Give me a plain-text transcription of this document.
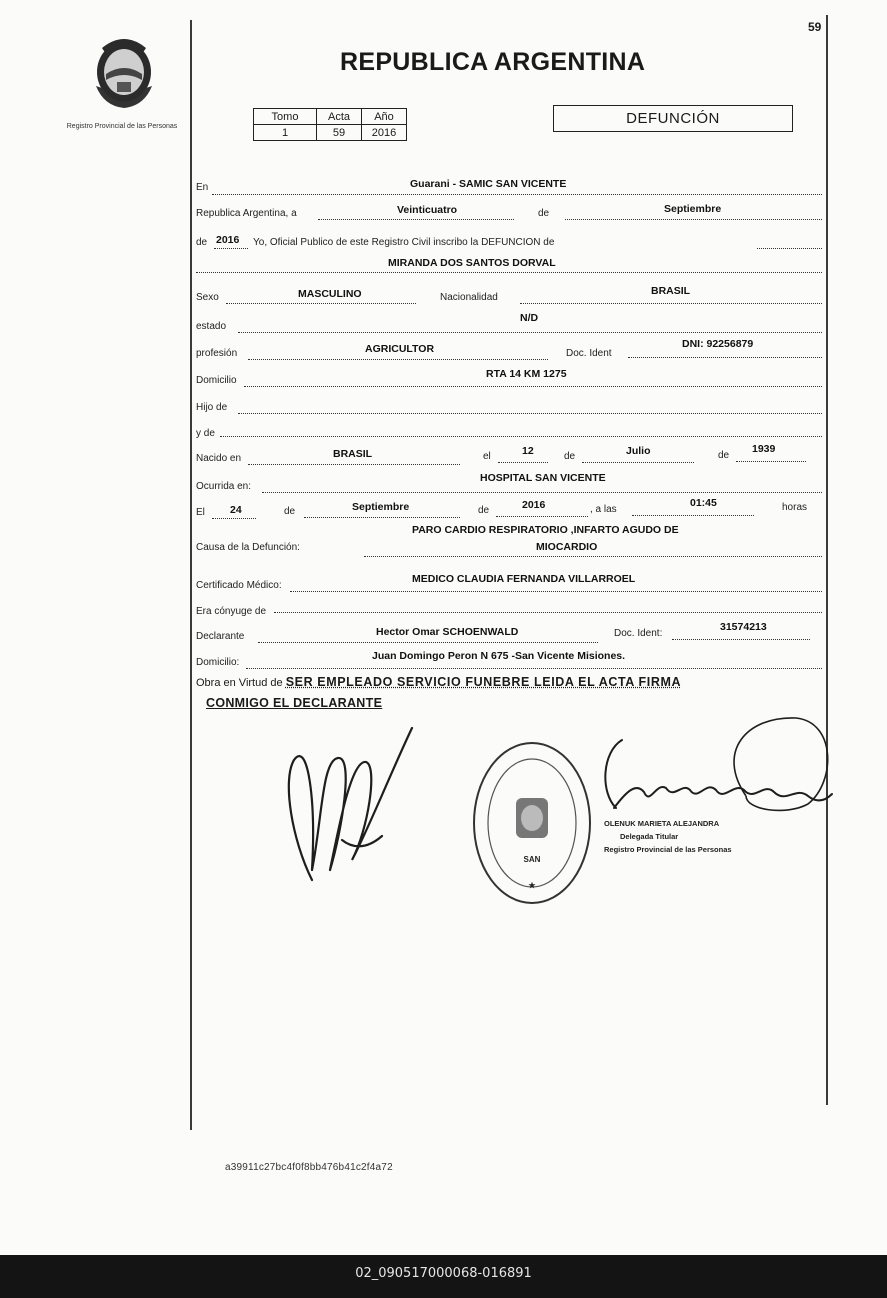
59
Registro Provincial de las Personas
REPUBLICA ARGENTINA
Tomo	Acta	Año
1	59	2016
DEFUNCIÓN
En	Guarani - SAMIC SAN VICENTE
Republica Argentina, a	Veinticuatro	de	Septiembre
de 2016 Yo, Oficial Publico de este Registro Civil inscribo la DEFUNCION de
MIRANDA DOS SANTOS DORVAL
Sexo	MASCULINO	Nacionalidad
BRASIL
estado
N/D
profesión	AGRICULTOR	Doc. Ident
DNI: 92256879
Domicilio
RTA 14 KM 1275
Hijo de
y de
Nacido en	BRASIL	el	12	de	Julio	de
1939
Ocurrida en:
HOSPITAL SAN VICENTE
El 24	de	Septiembre	de	2016	, a las
01:45	horas
Causa de la Defunción:
PARO CARDIO RESPIRATORIO ,INFARTO AGUDO DE
MIOCARDIO
Certificado Médico:
MEDICO CLAUDIA FERNANDA VILLARROEL
Era cónyuge de
Declarante	Hector Omar SCHOENWALD	Doc. Ident:
31574213
Domicilio:
Juan Domingo Peron N 675 -San Vicente Misiones.
Obra en Virtud de SER EMPLEADO SERVICIO FUNEBRE LEIDA EL ACTA FIRMA
CONMIGO EL DECLARANTE
SAN
★
OLENUK MARIETA ALEJANDRA
Delegada Titular
Registro Provincial de las Personas
a39911c27bc4f0f8bb476b41c2f4a72
02_090517000068-016891
